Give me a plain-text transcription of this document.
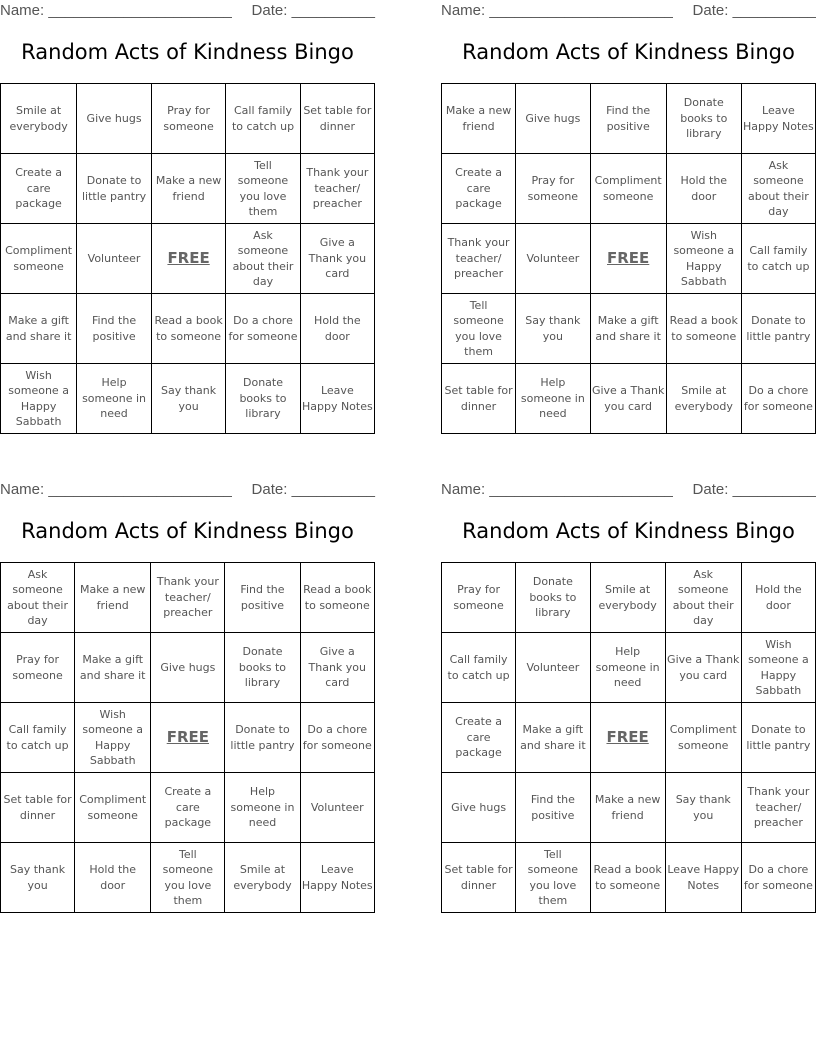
Name: ______________________ Date: __________
Random Acts of Kindness Bingo
Smile at everybody	Give hugs	Pray for someone	Call family to catch up	Set table for dinner
Create a care package	Donate to little pantry	Make a new friend	Tell someone you love them	Thank your teacher/ preacher
Compliment someone	Volunteer	FREE	Ask someone about their day	Give a Thank you card
Make a gift and share it	Find the positive	Read a book to someone	Do a chore for someone	Hold the door
Wish someone a Happy Sabbath	Help someone in need	Say thank you	Donate books to library	Leave Happy Notes
Name: ______________________ Date: __________
Random Acts of Kindness Bingo
Make a new friend	Give hugs	Find the positive	Donate books to library	Leave Happy Notes
Create a care package	Pray for someone	Compliment someone	Hold the door	Ask someone about their day
Thank your teacher/ preacher	Volunteer	FREE	Wish someone a Happy Sabbath	Call family to catch up
Tell someone you love them	Say thank you	Make a gift and share it	Read a book to someone	Donate to little pantry
Set table for dinner	Help someone in need	Give a Thank you card	Smile at everybody	Do a chore for someone
Name: ______________________ Date: __________
Random Acts of Kindness Bingo
Ask someone about their day	Make a new friend	Thank your teacher/ preacher	Find the positive	Read a book to someone
Pray for someone	Make a gift and share it	Give hugs	Donate books to library	Give a Thank you card
Call family to catch up	Wish someone a Happy Sabbath	FREE	Donate to little pantry	Do a chore for someone
Set table for dinner	Compliment someone	Create a care package	Help someone in need	Volunteer
Say thank you	Hold the door	Tell someone you love them	Smile at everybody	Leave Happy Notes
Name: ______________________ Date: __________
Random Acts of Kindness Bingo
Pray for someone	Donate books to library	Smile at everybody	Ask someone about their day	Hold the door
Call family to catch up	Volunteer	Help someone in need	Give a Thank you card	Wish someone a Happy Sabbath
Create a care package	Make a gift and share it	FREE	Compliment someone	Donate to little pantry
Give hugs	Find the positive	Make a new friend	Say thank you	Thank your teacher/ preacher
Set table for dinner	Tell someone you love them	Read a book to someone	Leave Happy Notes	Do a chore for someone
